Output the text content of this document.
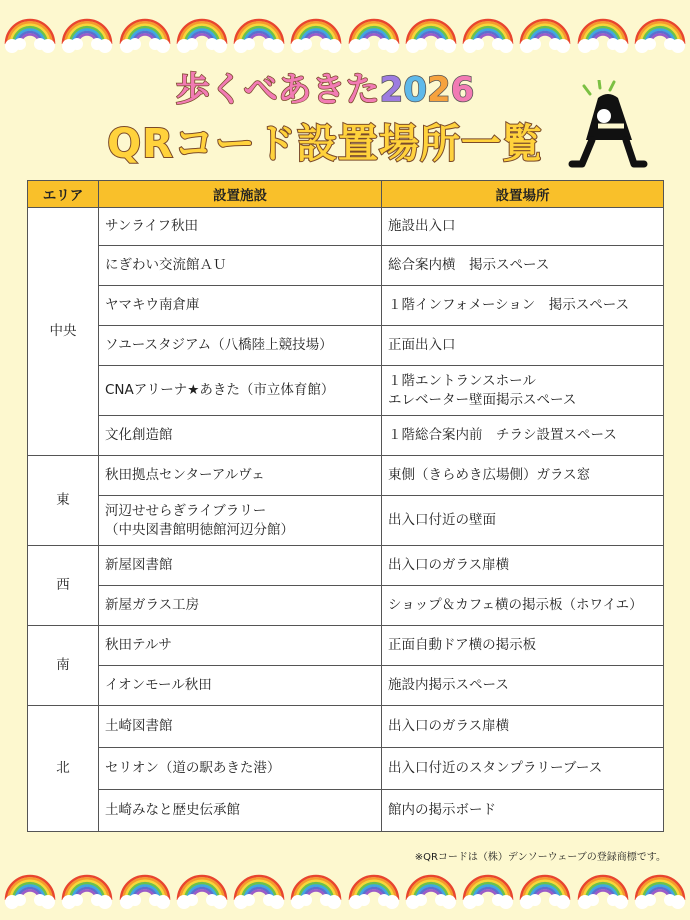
歩くべあきた2026
QRコード設置場所一覧
エリア	設置施設	設置場所
中央	サンライフ秋田	施設出入口
	にぎわい交流館ＡＵ	総合案内横　掲示スペース
	ヤマキウ南倉庫	１階インフォメーション　掲示スペース
	ソユースタジアム（八橋陸上競技場）	正面出入口
	CNAアリーナ★あきた（市立体育館）	１階エントランスホール
エレベーター壁面掲示スペース
	文化創造館	１階総合案内前　チラシ設置スペース
東	秋田拠点センターアルヴェ	東側（きらめき広場側）ガラス窓
	河辺せせらぎライブラリー
（中央図書館明徳館河辺分館）	出入口付近の壁面
西	新屋図書館	出入口のガラス扉横
	新屋ガラス工房	ショップ＆カフェ横の掲示板（ホワイエ）
南	秋田テルサ	正面自動ドア横の掲示板
	イオンモール秋田	施設内掲示スペース
北	土崎図書館	出入口のガラス扉横
	セリオン（道の駅あきた港）	出入口付近のスタンプラリーブース
	土崎みなと歴史伝承館	館内の掲示ボード
※QRコードは（株）デンソーウェーブの登録商標です。
